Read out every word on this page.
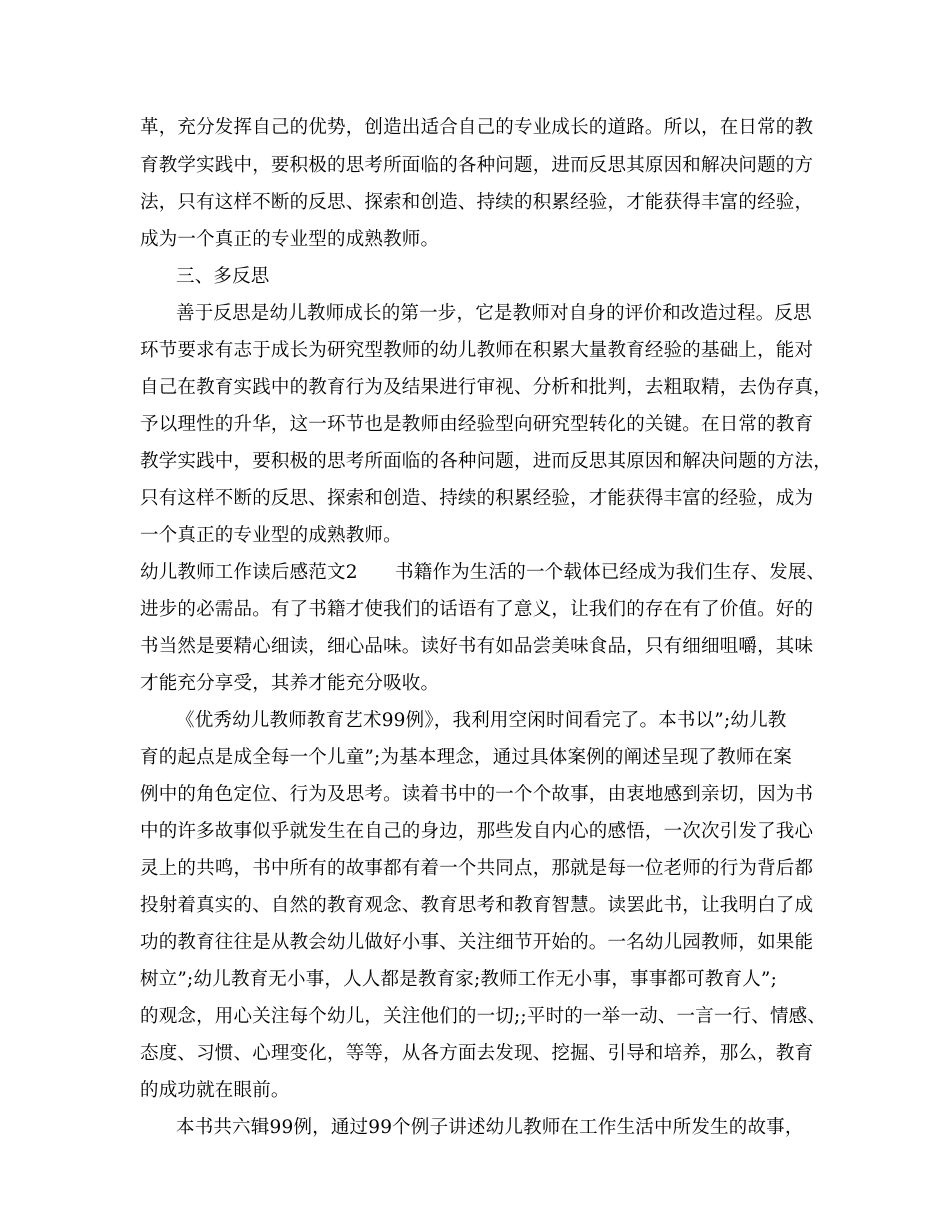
革，充分发挥自己的优势，创造出适合自己的专业成长的道路。所以，在日常的教
育教学实践中，要积极的思考所面临的各种问题，进而反思其原因和解决问题的方
法，只有这样不断的反思、探索和创造、持续的积累经验，才能获得丰富的经验，
成为一个真正的专业型的成熟教师。
三、多反思
善于反思是幼儿教师成长的第一步，它是教师对自身的评价和改造过程。反思
环节要求有志于成长为研究型教师的幼儿教师在积累大量教育经验的基础上，能对
自己在教育实践中的教育行为及结果进行审视、分析和批判，去粗取精，去伪存真，
予以理性的升华，这一环节也是教师由经验型向研究型转化的关键。在日常的教育
教学实践中，要积极的思考所面临的各种问题，进而反思其原因和解决问题的方法，
只有这样不断的反思、探索和创造、持续的积累经验，才能获得丰富的经验，成为
一个真正的专业型的成熟教师。
幼儿教师工作读后感范文2　　书籍作为生活的一个载体已经成为我们生存、发展、
进步的必需品。有了书籍才使我们的话语有了意义，让我们的存在有了价值。好的
书当然是要精心细读，细心品味。读好书有如品尝美味食品，只有细细咀嚼，其味
才能充分享受，其养才能充分吸收。
《优秀幼儿教师教育艺术99例》，我利用空闲时间看完了。本书以”;幼儿教
育的起点是成全每一个儿童”;为基本理念，通过具体案例的阐述呈现了教师在案
例中的角色定位、行为及思考。读着书中的一个个故事，由衷地感到亲切，因为书
中的许多故事似乎就发生在自己的身边，那些发自内心的感悟，一次次引发了我心
灵上的共鸣，书中所有的故事都有着一个共同点，那就是每一位老师的行为背后都
投射着真实的、自然的教育观念、教育思考和教育智慧。读罢此书，让我明白了成
功的教育往往是从教会幼儿做好小事、关注细节开始的。一名幼儿园教师，如果能
树立”;幼儿教育无小事，人人都是教育家;教师工作无小事，事事都可教育人”;
的观念，用心关注每个幼儿，关注他们的一切;;平时的一举一动、一言一行、情感、
态度、习惯、心理变化，等等，从各方面去发现、挖掘、引导和培养，那么，教育
的成功就在眼前。
本书共六辑99例，通过99个例子讲述幼儿教师在工作生活中所发生的故事，
